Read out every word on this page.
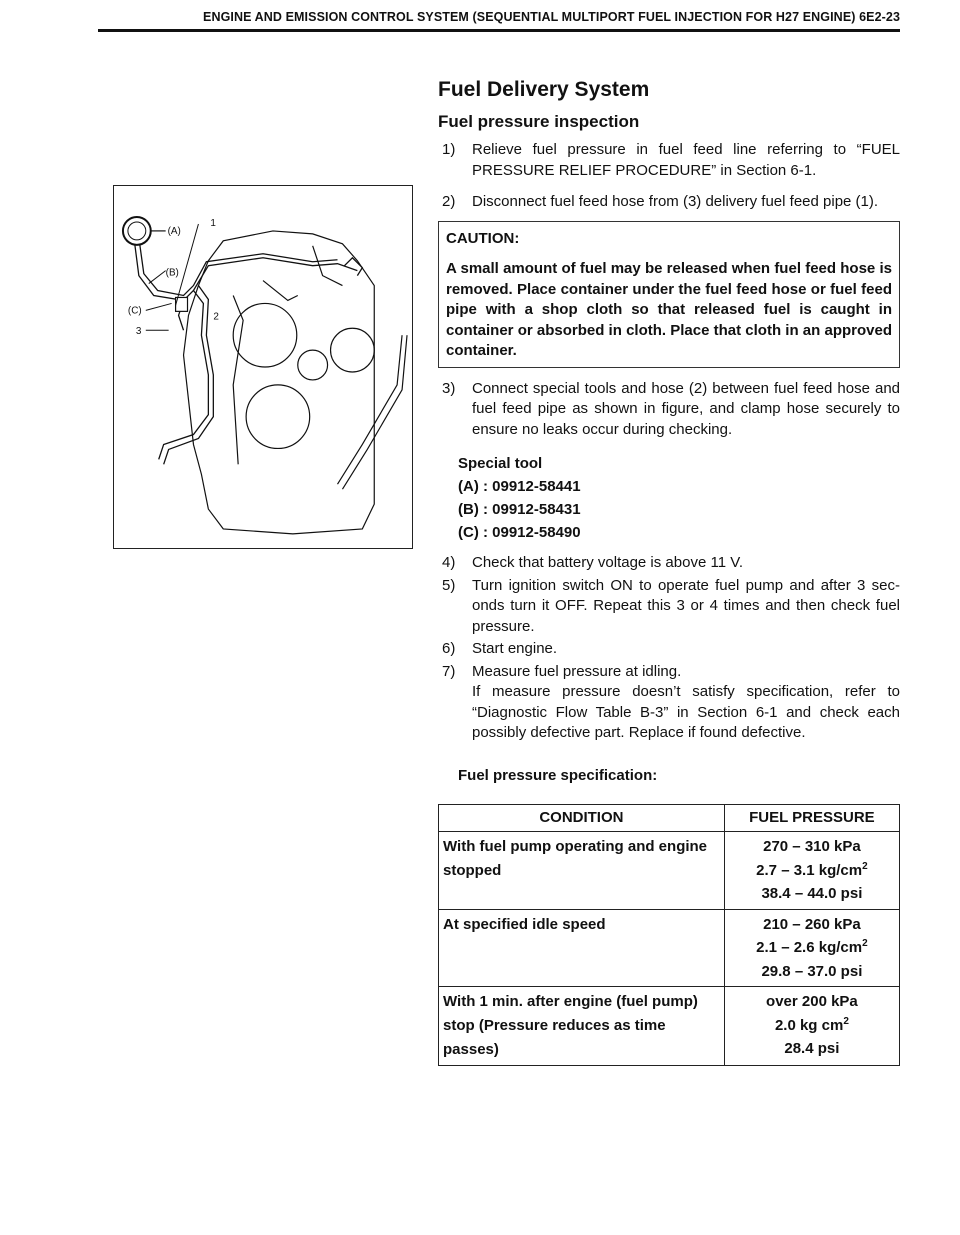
ENGINE AND EMISSION CONTROL SYSTEM (SEQUENTIAL MULTIPORT FUEL INJECTION FOR H27 ENGINE) 6E2-23
(A)
1
(B)
(C)
2
3
Fuel Delivery System
Fuel pressure inspection
1) Relieve fuel pressure in fuel feed line referring to “FUEL PRESSURE RELIEF PROCEDURE” in Section 6-1.
2) Disconnect fuel feed hose from (3) delivery fuel feed pipe (1).
CAUTION:
A small amount of fuel may be released when fuel feed hose is removed. Place container under the fuel feed hose or fuel feed pipe with a shop cloth so that released fuel is caught in container or absorbed in cloth. Place that cloth in an approved container.
3) Connect special tools and hose (2) between fuel feed hose and fuel feed pipe as shown in figure, and clamp hose securely to ensure no leaks occur during checking.
Special tool
(A) : 09912-58441
(B) : 09912-58431
(C) : 09912-58490
4) Check that battery voltage is above 11 V.
5) Turn ignition switch ON to operate fuel pump and after 3 sec-onds turn it OFF. Repeat this 3 or 4 times and then check fuel pressure.
6) Start engine.
7) Measure fuel pressure at idling.
If measure pressure doesn’t satisfy specification, refer to “Diagnostic Flow Table B-3” in Section 6-1 and check each possibly defective part. Replace if found defective.
Fuel pressure specification:
CONDITION	FUEL PRESSURE
With fuel pump operating and engine stopped	270 – 310 kPa
2.7 – 3.1 $kg/cm^2$
38.4 – 44.0 psi

At specified idle speed	210 – 260 kPa
2.1 – 2.6 $kg/cm^2$
29.8 – 37.0 psi

With 1 min. after engine (fuel pump) stop (Pressure reduces as time passes)	over 200 kPa
2.0 kg $cm^2$
28.4 psi
